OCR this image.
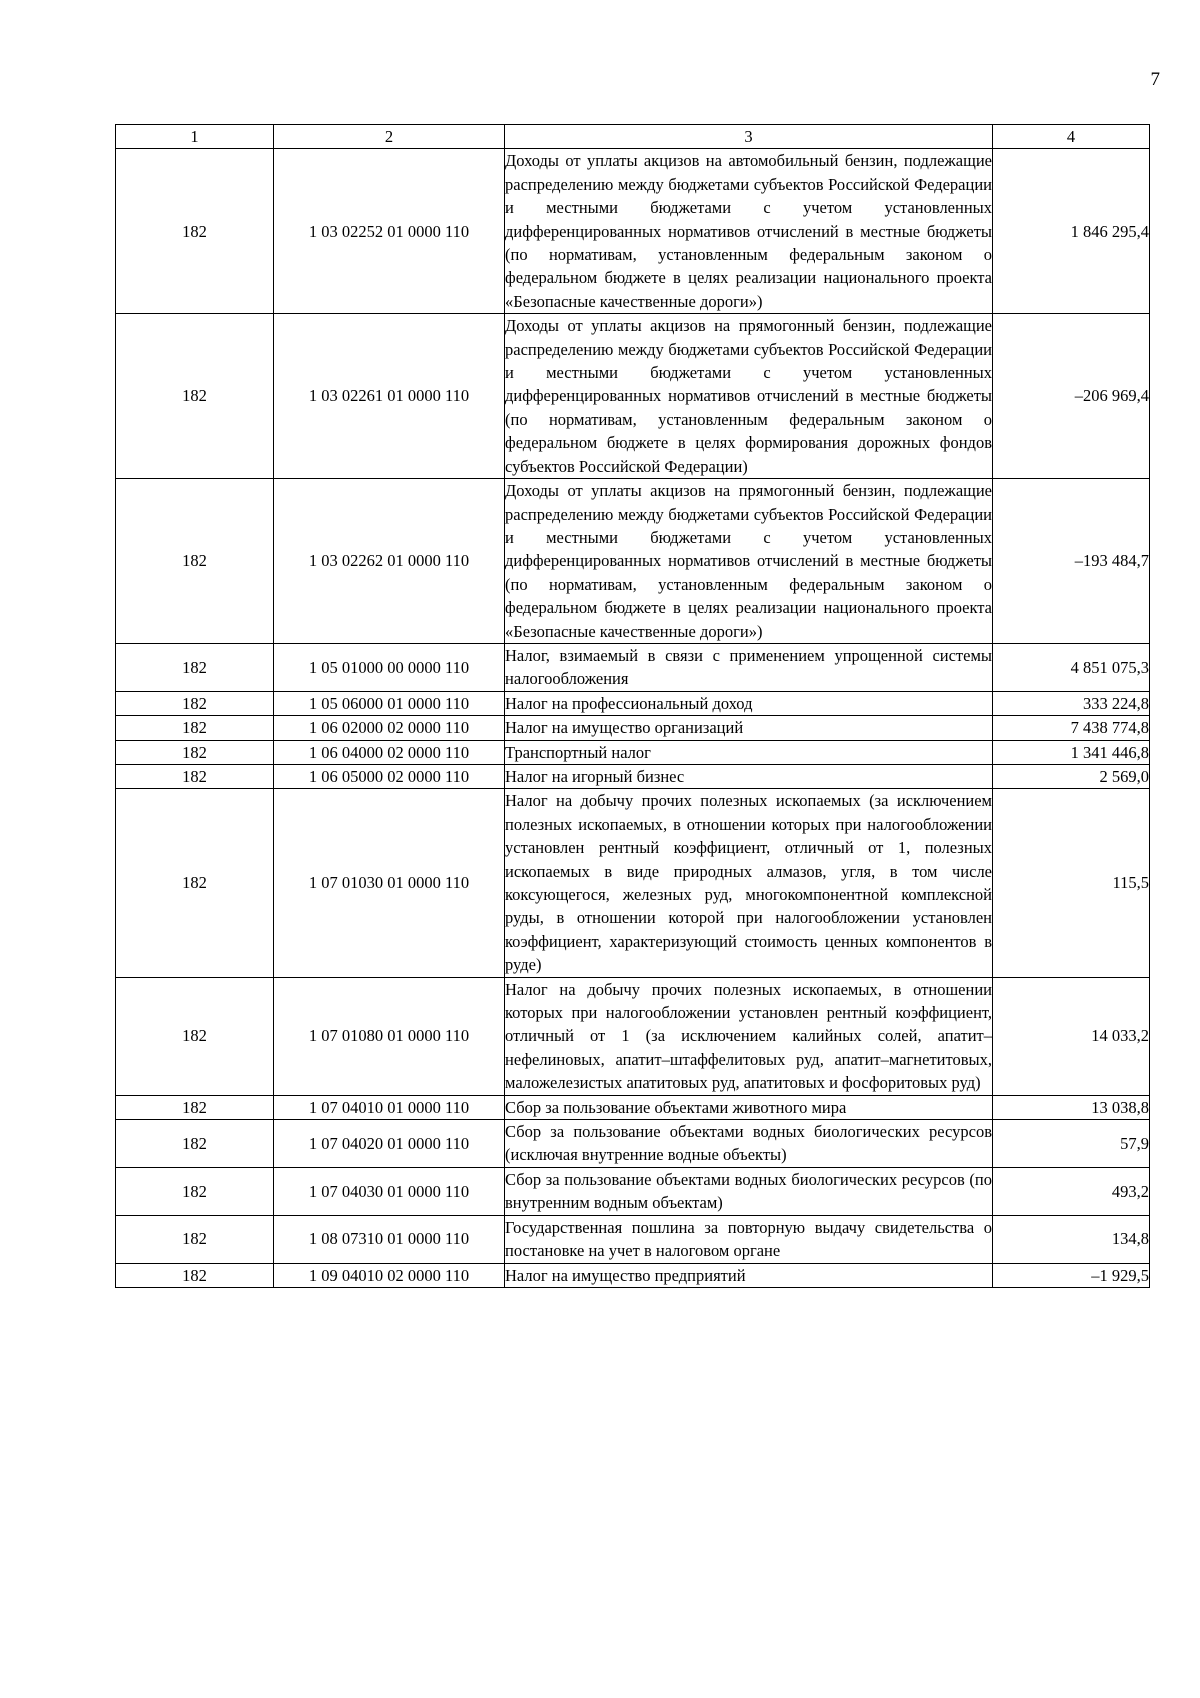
7
1	2	3	4
182	1 03 02252 01 0000 110	Доходы от уплаты акцизов на автомобильный бензин, подлежащие распределению между бюджетами субъектов Российской Федерации и местными бюджетами с учетом установленных дифференцированных нормативов отчислений в местные бюджеты (по нормативам, установленным федеральным законом о федеральном бюджете в целях реализации национального проекта «Безопасные качественные дороги»)	1 846 295,4
182	1 03 02261 01 0000 110	Доходы от уплаты акцизов на прямогонный бензин, подлежащие распределению между бюджетами субъектов Российской Федерации и местными бюджетами с учетом установленных дифференцированных нормативов отчислений в местные бюджеты (по нормативам, установленным федеральным законом о федеральном бюджете в целях формирования дорожных фондов субъектов Российской Федерации)	–206 969,4
182	1 03 02262 01 0000 110	Доходы от уплаты акцизов на прямогонный бензин, подлежащие распределению между бюджетами субъектов Российской Федерации и местными бюджетами с учетом установленных дифференцированных нормативов отчислений в местные бюджеты (по нормативам, установленным федеральным законом о федеральном бюджете в целях реализации национального проекта «Безопасные качественные дороги»)	–193 484,7
182	1 05 01000 00 0000 110	Налог, взимаемый в связи с применением упрощенной системы налогообложения	4 851 075,3
182	1 05 06000 01 0000 110	Налог на профессиональный доход	333 224,8
182	1 06 02000 02 0000 110	Налог на имущество организаций	7 438 774,8
182	1 06 04000 02 0000 110	Транспортный налог	1 341 446,8
182	1 06 05000 02 0000 110	Налог на игорный бизнес	2 569,0
182	1 07 01030 01 0000 110	Налог на добычу прочих полезных ископаемых (за исключением полезных ископаемых, в отношении которых при налогообложении установлен рентный коэффициент, отличный от 1, полезных ископаемых в виде природных алмазов, угля, в том числе коксующегося, железных руд, многокомпонентной комплексной руды, в отношении которой при налогообложении установлен коэффициент, характеризующий стоимость ценных компонентов в руде)	115,5
182	1 07 01080 01 0000 110	Налог на добычу прочих полезных ископаемых, в отношении которых при налогообложении установлен рентный коэффициент, отличный от 1 (за исключением калийных солей, апатит–нефелиновых, апатит–штаффелитовых руд, апатит–магнетитовых, маложелезистых апатитовых руд, апатитовых и фосфоритовых руд)	14 033,2
182	1 07 04010 01 0000 110	Сбор за пользование объектами животного мира	13 038,8
182	1 07 04020 01 0000 110	Сбор за пользование объектами водных биологических ресурсов (исключая внутренние водные объекты)	57,9
182	1 07 04030 01 0000 110	Сбор за пользование объектами водных биологических ресурсов (по внутренним водным объектам)	493,2
182	1 08 07310 01 0000 110	Государственная пошлина за повторную выдачу свидетельства о постановке на учет в налоговом органе	134,8
182	1 09 04010 02 0000 110	Налог на имущество предприятий	–1 929,5
